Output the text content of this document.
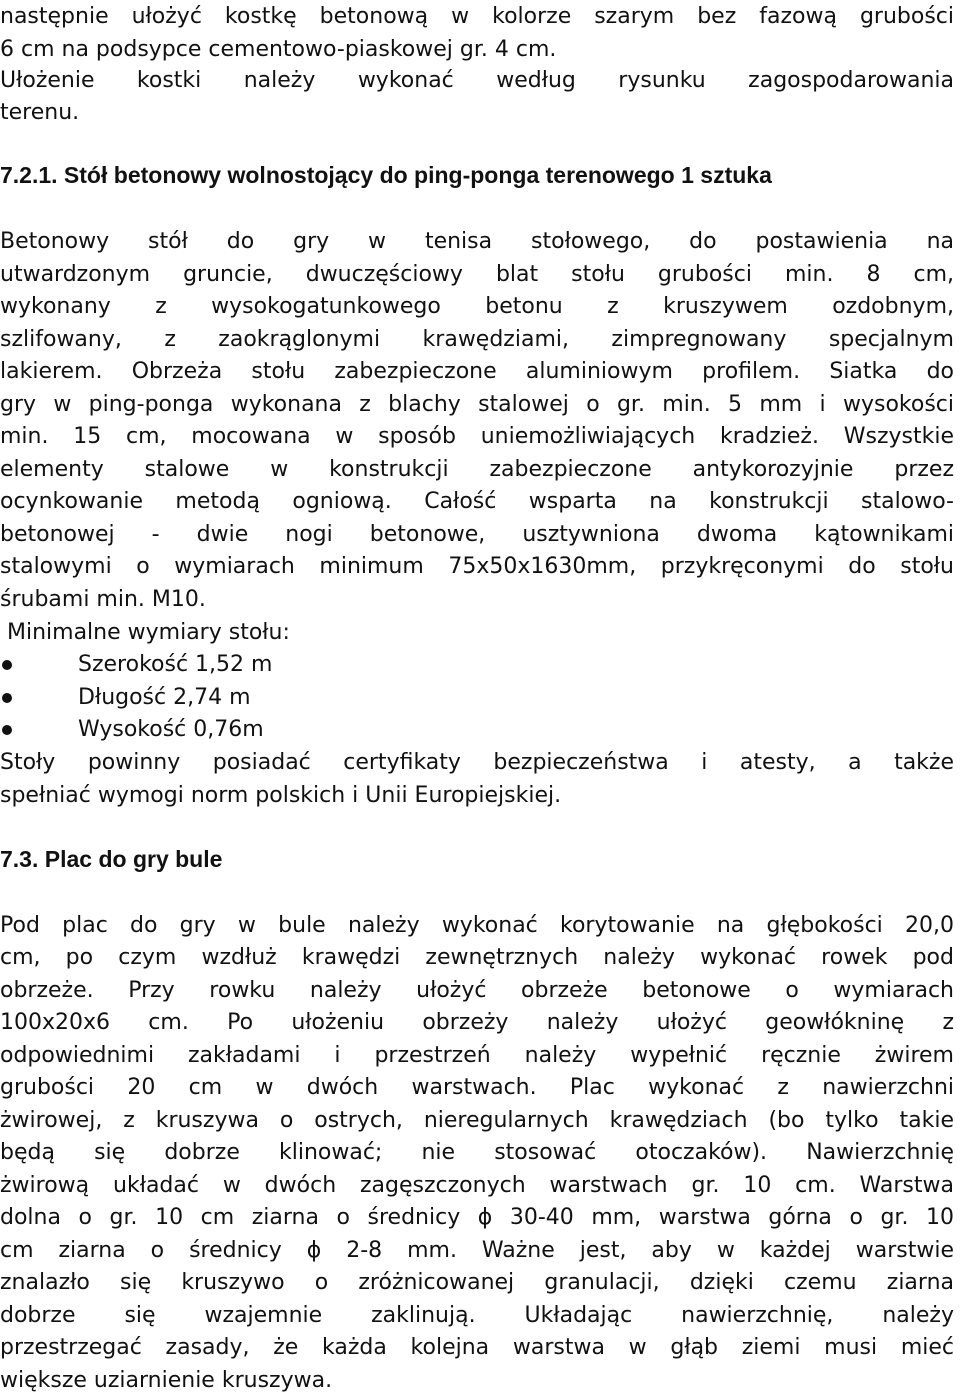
następnie ułożyć kostkę betonową w kolorze szarym bez fazową grubości
6 cm na podsypce cementowo-piaskowej gr. 4 cm.
Ułożenie kostki należy wykonać według rysunku zagospodarowania
terenu.
7.2.1. Stół betonowy wolnostojący do ping-ponga terenowego 1 sztuka
Betonowy stół do gry w tenisa stołowego, do postawienia na
utwardzonym gruncie, dwuczęściowy blat stołu grubości min. 8 cm,
wykonany z wysokogatunkowego betonu z kruszywem ozdobnym,
szlifowany, z zaokrąglonymi krawędziami, zimpregnowany specjalnym
lakierem. Obrzeża stołu zabezpieczone aluminiowym profilem. Siatka do
gry w ping-ponga wykonana z blachy stalowej o gr. min. 5 mm i wysokości
min. 15 cm, mocowana w sposób uniemożliwiających kradzież. Wszystkie
elementy stalowe w konstrukcji zabezpieczone antykorozyjnie przez
ocynkowanie metodą ogniową. Całość wsparta na konstrukcji stalowo-
betonowej - dwie nogi betonowe, usztywniona dwoma kątownikami
stalowymi o wymiarach minimum 75x50x1630mm, przykręconymi do stołu
śrubami min. M10.
Minimalne wymiary stołu:
Szerokość 1,52 m
Długość 2,74 m
Wysokość 0,76m
Stoły powinny posiadać certyfikaty bezpieczeństwa i atesty, a także
spełniać wymogi norm polskich i Unii Europiejskiej.
7.3. Plac do gry bule
Pod plac do gry w bule należy wykonać korytowanie na głębokości 20,0
cm, po czym wzdłuż krawędzi zewnętrznych należy wykonać rowek pod
obrzeże. Przy rowku należy ułożyć obrzeże betonowe o wymiarach
100x20x6 cm. Po ułożeniu obrzeży należy ułożyć geowłókninę z
odpowiednimi zakładami i przestrzeń należy wypełnić ręcznie żwirem
grubości 20 cm w dwóch warstwach. Plac wykonać z nawierzchni
żwirowej, z kruszywa o ostrych, nieregularnych krawędziach (bo tylko takie
będą się dobrze klinować; nie stosować otoczaków). Nawierzchnię
żwirową układać w dwóch zagęszczonych warstwach gr. 10 cm. Warstwa
dolna o gr. 10 cm ziarna o średnicy ϕ 30-40 mm, warstwa górna o gr. 10
cm ziarna o średnicy ϕ 2-8 mm. Ważne jest, aby w każdej warstwie
znalazło się kruszywo o zróżnicowanej granulacji, dzięki czemu ziarna
dobrze się wzajemnie zaklinują. Układając nawierzchnię, należy
przestrzegać zasady, że każda kolejna warstwa w głąb ziemi musi mieć
większe uziarnienie kruszywa.
